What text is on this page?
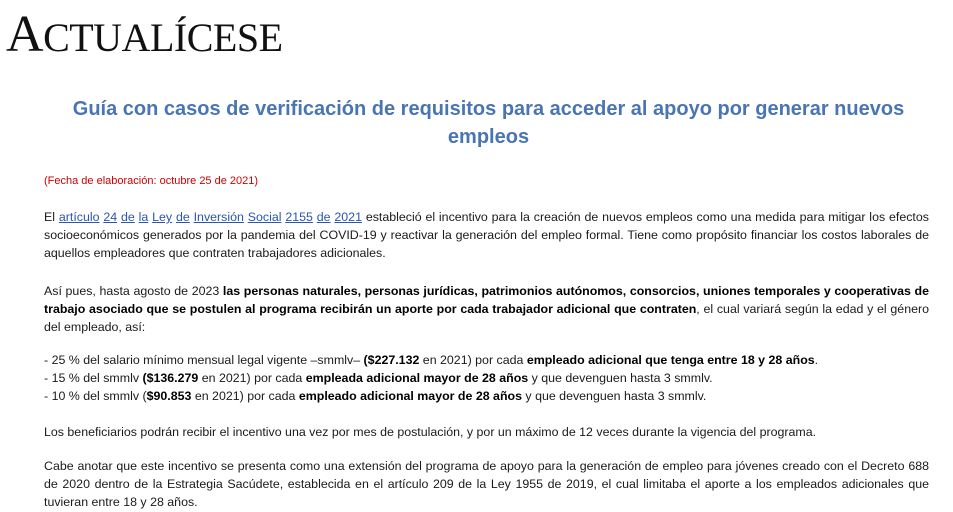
ACTUALÍCESE
Guía con casos de verificación de requisitos para acceder al apoyo por generar nuevos empleos
(Fecha de elaboración: octubre 25 de 2021)
El artículo 24 de la Ley de Inversión Social 2155 de 2021 estableció el incentivo para la creación de nuevos empleos como una medida para mitigar los efectos socioeconómicos generados por la pandemia del COVID-19 y reactivar la generación del empleo formal. Tiene como propósito financiar los costos laborales de aquellos empleadores que contraten trabajadores adicionales.
Así pues, hasta agosto de 2023 las personas naturales, personas jurídicas, patrimonios autónomos, consorcios, uniones temporales y cooperativas de trabajo asociado que se postulen al programa recibirán un aporte por cada trabajador adicional que contraten, el cual variará según la edad y el género del empleado, así:
- 25 % del salario mínimo mensual legal vigente –smmlv– ($227.132 en 2021) por cada empleado adicional que tenga entre 18 y 28 años.
- 15 % del smmlv ($136.279 en 2021) por cada empleada adicional mayor de 28 años y que devenguen hasta 3 smmlv.
- 10 % del smmlv ($90.853 en 2021) por cada empleado adicional mayor de 28 años y que devenguen hasta 3 smmlv.
Los beneficiarios podrán recibir el incentivo una vez por mes de postulación, y por un máximo de 12 veces durante la vigencia del programa.
Cabe anotar que este incentivo se presenta como una extensión del programa de apoyo para la generación de empleo para jóvenes creado con el Decreto 688 de 2020 dentro de la Estrategia Sacúdete, establecida en el artículo 209 de la Ley 1955 de 2019, el cual limitaba el aporte a los empleados adicionales que tuvieran entre 18 y 28 años.
